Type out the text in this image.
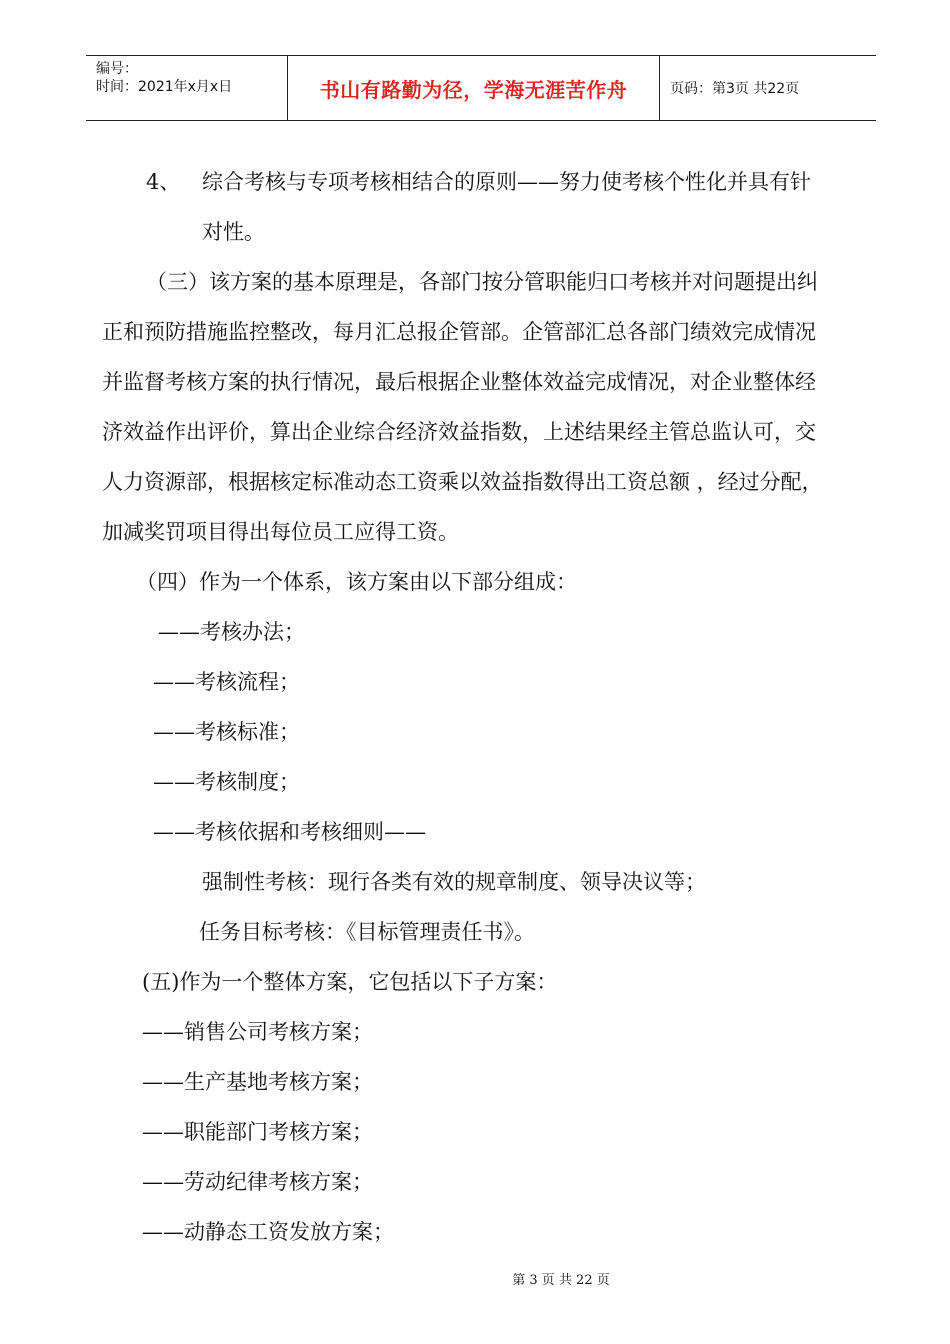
编号：
时间：2021年x月x日	书山有路勤为径，学海无涯苦作舟	页码：第3页 共22页
4、 综合考核与专项考核相结合的原则——努力使考核个性化并具有针
对性。
（三）该方案的基本原理是，各部门按分管职能归口考核并对问题提出纠
正和预防措施监控整改，每月汇总报企管部。企管部汇总各部门绩效完成情况
并监督考核方案的执行情况，最后根据企业整体效益完成情况，对企业整体经
济效益作出评价，算出企业综合经济效益指数，上述结果经主管总监认可，交
人力资源部，根据核定标准动态工资乘以效益指数得出工资总额 ，经过分配，
加减奖罚项目得出每位员工应得工资。
（四）作为一个体系，该方案由以下部分组成：
——考核办法；
——考核流程；
——考核标准；
——考核制度；
——考核依据和考核细则——
强制性考核：现行各类有效的规章制度、领导决议等；
任务目标考核：《目标管理责任书》。
(五)作为一个整体方案，它包括以下子方案：
——销售公司考核方案；
——生产基地考核方案；
——职能部门考核方案；
——劳动纪律考核方案；
——动静态工资发放方案；
第 3 页 共 22 页
